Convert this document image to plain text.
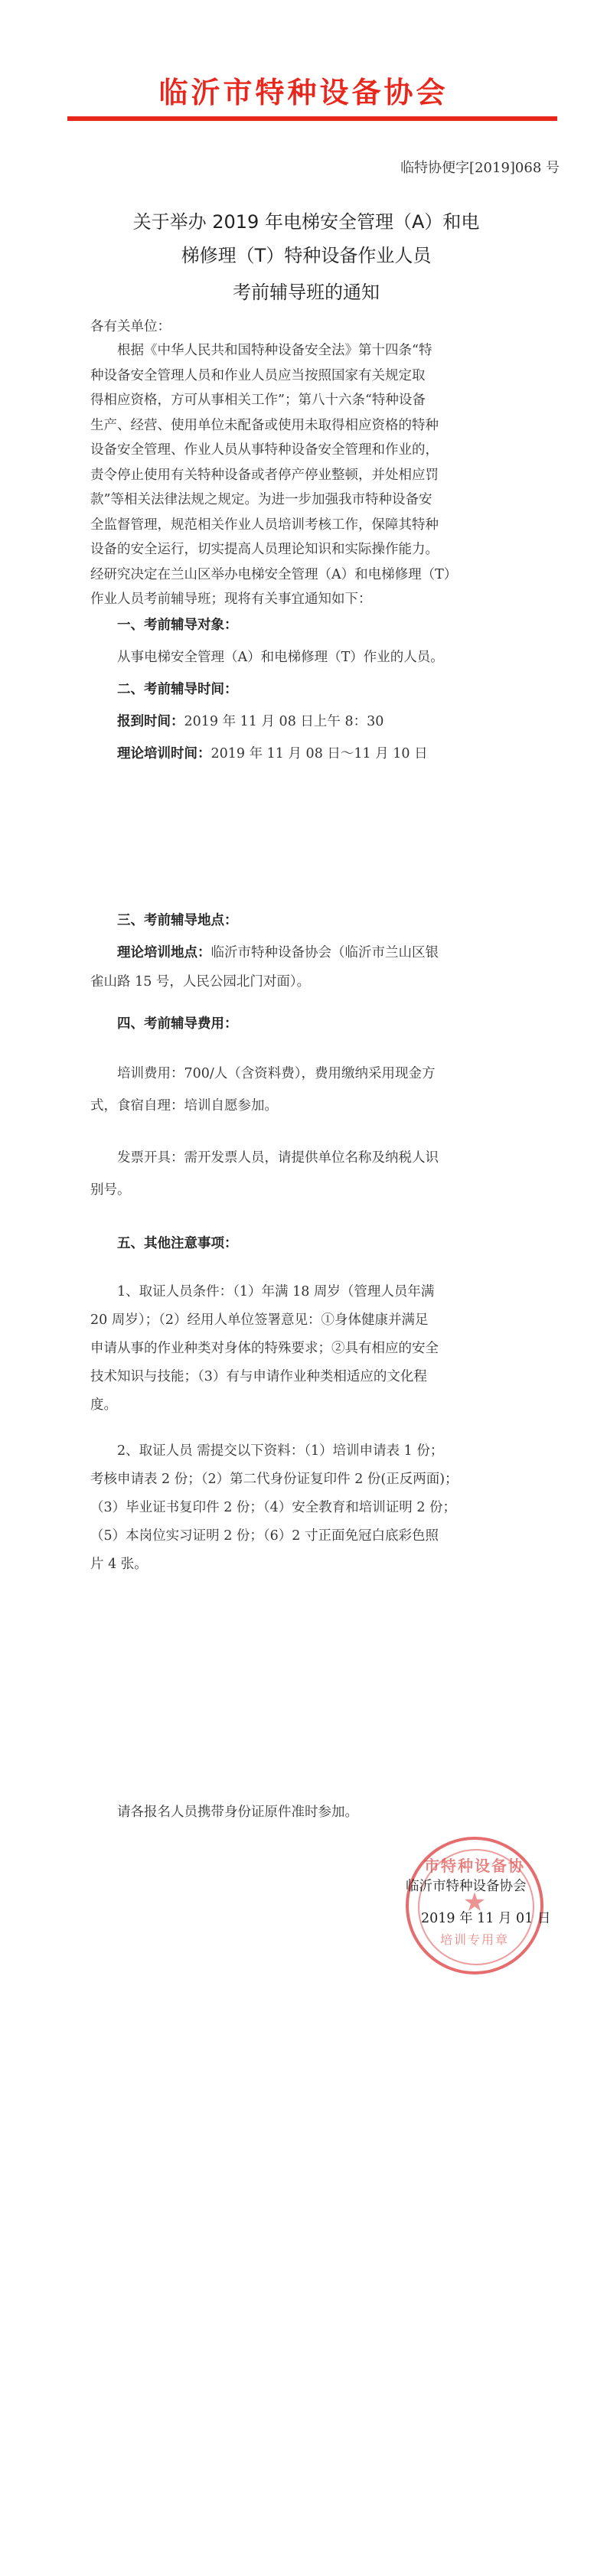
临沂市特种设备协会
临特协便字[2019]068 号
关于举办 2019 年电梯安全管理（A）和电
梯修理（T）特种设备作业人员
考前辅导班的通知
各有关单位：
根据《中华人民共和国特种设备安全法》第十四条“特
种设备安全管理人员和作业人员应当按照国家有关规定取
得相应资格，方可从事相关工作”；第八十六条“特种设备
生产、经营、使用单位未配备或使用未取得相应资格的特种
设备安全管理、作业人员从事特种设备安全管理和作业的，
责令停止使用有关特种设备或者停产停业整顿，并处相应罚
款”等相关法律法规之规定。为进一步加强我市特种设备安
全监督管理，规范相关作业人员培训考核工作，保障其特种
设备的安全运行，切实提高人员理论知识和实际操作能力。
经研究决定在兰山区举办电梯安全管理（A）和电梯修理（T）
作业人员考前辅导班；现将有关事宜通知如下：
一、考前辅导对象：
从事电梯安全管理（A）和电梯修理（T）作业的人员。
二、考前辅导时间：
报到时间：2019 年 11 月 08 日上午 8：30
理论培训时间：2019 年 11 月 08 日～11 月 10 日
三、考前辅导地点：
理论培训地点：临沂市特种设备协会（临沂市兰山区银
雀山路 15 号，人民公园北门对面）。
四、考前辅导费用：
培训费用：700/人（含资料费），费用缴纳采用现金方
式，食宿自理：培训自愿参加。
发票开具：需开发票人员，请提供单位名称及纳税人识
别号。
五、其他注意事项：
1、取证人员条件：（1）年满 18 周岁（管理人员年满
20 周岁）；（2）经用人单位签署意见：①身体健康并满足
申请从事的作业种类对身体的特殊要求；②具有相应的安全
技术知识与技能；（3）有与申请作业种类相适应的文化程
度。
2、取证人员 需提交以下资料：（1）培训申请表 1 份；
考核申请表 2 份；（2）第二代身份证复印件 2 份(正反两面)；
（3）毕业证书复印件 2 份；（4）安全教育和培训证明 2 份；
（5）本岗位实习证明 2 份；（6）2 寸正面免冠白底彩色照
片 4 张。
请各报名人员携带身份证原件准时参加。
市特种设备协
★
培训专用章
临沂市特种设备协会
2019 年 11 月 01 日
